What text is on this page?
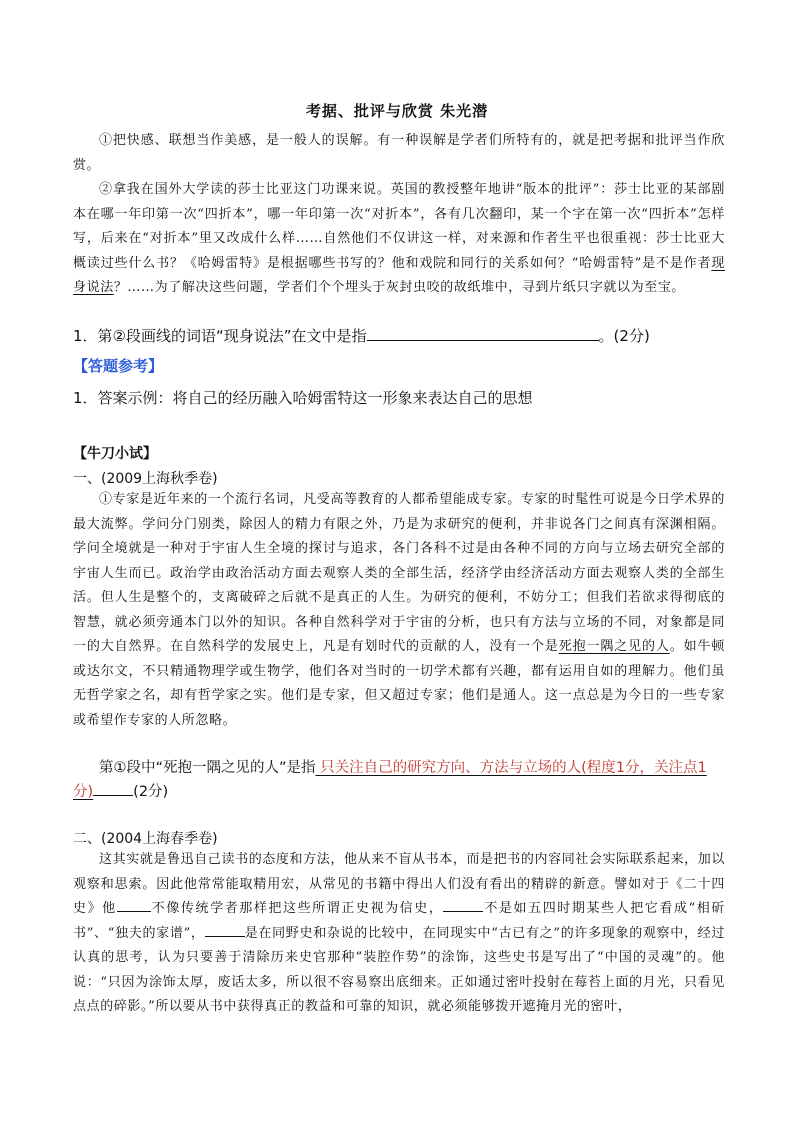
考据、批评与欣赏 朱光潜
①把快感、联想当作美感，是一般人的误解。有一种误解是学者们所特有的，就是把考据和批评当作欣赏。
②拿我在国外大学读的莎士比亚这门功课来说。英国的教授整年地讲“版本的批评”：莎士比亚的某部剧本在哪一年印第一次“四折本”，哪一年印第一次“对折本”，各有几次翻印，某一个字在第一次“四折本”怎样写，后来在“对折本”里又改成什么样……自然他们不仅讲这一样，对来源和作者生平也很重视：莎士比亚大概读过些什么书？《哈姆雷特》是根据哪些书写的？他和戏院和同行的关系如何？“哈姆雷特”是不是作者现身说法？……为了解决这些问题，学者们个个埋头于灰封虫咬的故纸堆中，寻到片纸只字就以为至宝。
1．第②段画线的词语“现身说法”在文中是指	。(2分)
【答题参考】
1．答案示例：将自己的经历融入哈姆雷特这一形象来表达自己的思想
【牛刀小试】
一、(2009上海秋季卷)
①专家是近年来的一个流行名词，凡受高等教育的人都希望能成专家。专家的时髦性可说是今日学术界的最大流弊。学问分门别类，除因人的精力有限之外，乃是为求研究的便利，并非说各门之间真有深渊相隔。学问全境就是一种对于宇宙人生全境的探讨与追求，各门各科不过是由各种不同的方向与立场去研究全部的宇宙人生而已。政治学由政治活动方面去观察人类的全部生活，经济学由经济活动方面去观察人类的全部生活。但人生是整个的，支离破碎之后就不是真正的人生。为研究的便利，不妨分工；但我们若欲求得彻底的智慧，就必须旁通本门以外的知识。各种自然科学对于宇宙的分析，也只有方法与立场的不同，对象都是同一的大自然界。在自然科学的发展史上，凡是有划时代的贡献的人，没有一个是死抱一隅之见的人。如牛顿或达尔文，不只精通物理学或生物学，他们各对当时的一切学术都有兴趣，都有运用自如的理解力。他们虽无哲学家之名，却有哲学家之实。他们是专家，但又超过专家；他们是通人。这一点总是为今日的一些专家或希望作专家的人所忽略。
第①段中“死抱一隅之见的人”是指 只关注自己的研究方向、方法与立场的人(程度1分，关注点1分)	(2分)
二、(2004上海春季卷)
这其实就是鲁迅自己读书的态度和方法，他从来不盲从书本，而是把书的内容同社会实际联系起来，加以观察和思索。因此他常常能取精用宏，从常见的书籍中得出人们没有看出的精辟的新意。譬如对于《二十四史》他	不像传统学者那样把这些所谓正史视为信史，	不是如五四时期某些人把它看成“相斫书”、“独夫的家谱”，	是在同野史和杂说的比较中，在同现实中“古已有之”的许多现象的观察中，经过认真的思考，认为只要善于清除历来史官那种“装腔作势”的涂饰，这些史书是写出了“中国的灵魂”的。他说：“只因为涂饰太厚，废话太多，所以很不容易察出底细来。正如通过密叶投射在莓苔上面的月光，只看见点点的碎影。”所以要从书中获得真正的教益和可靠的知识，就必须能够拨开遮掩月光的密叶，
